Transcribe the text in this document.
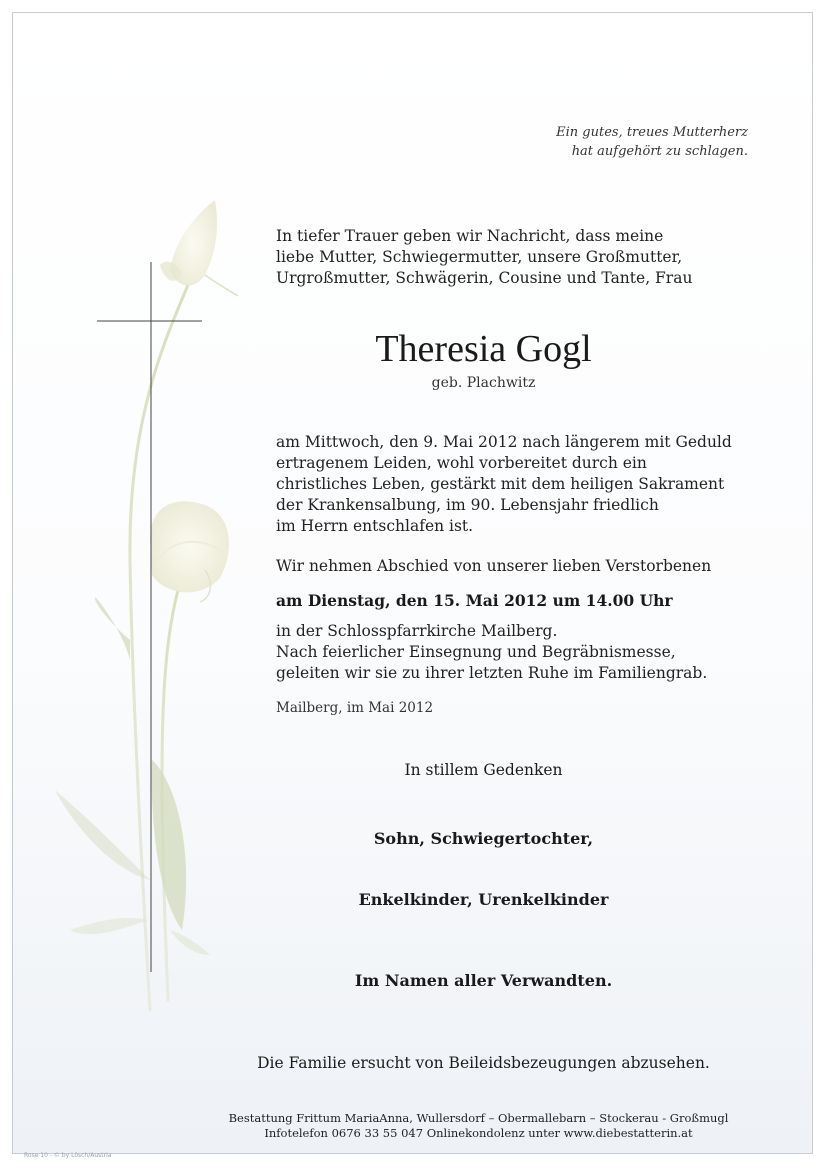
Ein gutes, treues Mutterherz
hat aufgehört zu schlagen.
In tiefer Trauer geben wir Nachricht, dass meine
liebe Mutter, Schwiegermutter, unsere Großmutter,
Urgroßmutter, Schwägerin, Cousine und Tante, Frau
Theresia Gogl
geb. Plachwitz
am Mittwoch, den 9. Mai 2012 nach längerem mit Geduld
ertragenem Leiden, wohl vorbereitet durch ein
christliches Leben, gestärkt mit dem heiligen Sakrament
der Krankensalbung, im 90. Lebensjahr friedlich
im Herrn entschlafen ist.
Wir nehmen Abschied von unserer lieben Verstorbenen
am Dienstag, den 15. Mai 2012 um 14.00 Uhr
in der Schlosspfarrkirche Mailberg.
Nach feierlicher Einsegnung und Begräbnismesse,
geleiten wir sie zu ihrer letzten Ruhe im Familiengrab.
Mailberg, im Mai 2012
In stillem Gedenken
Sohn, Schwiegertochter,
Enkelkinder, Urenkelkinder
Im Namen aller Verwandten.
Die Familie ersucht von Beileidsbezeugungen abzusehen.
Bestattung Frittum MariaAnna, Wullersdorf – Obermallebarn – Stockerau - Großmugl
Infotelefon 0676 33 55 047 Onlinekondolenz unter www.diebestatterin.at
Rose 10 - © by Lösch/Austria
